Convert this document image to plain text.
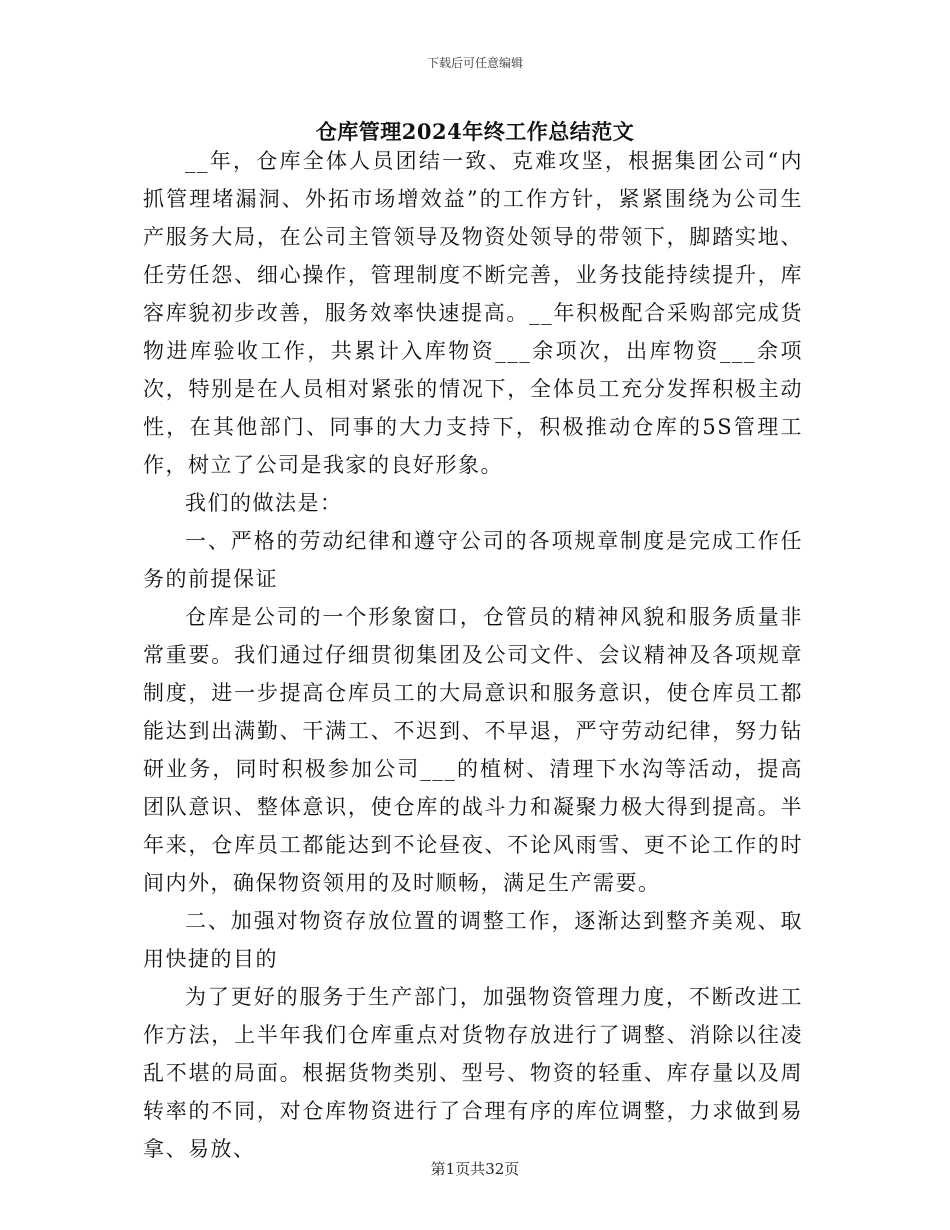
下载后可任意编辑
仓库管理2024年终工作总结范文

__年，仓库全体人员团结一致、克难攻坚，根据集团公司“内抓管理堵漏洞、外拓市场增效益”的工作方针，紧紧围绕为公司生产服务大局，在公司主管领导及物资处领导的带领下，脚踏实地、任劳任怨、细心操作，管理制度不断完善，业务技能持续提升，库容库貌初步改善，服务效率快速提高。__年积极配合采购部完成货物进库验收工作，共累计入库物资___余项次，出库物资___余项次，特别是在人员相对紧张的情况下，全体员工充分发挥积极主动性，在其他部门、同事的大力支持下，积极推动仓库的5S管理工作，树立了公司是我家的良好形象。

我们的做法是：

一、严格的劳动纪律和遵守公司的各项规章制度是完成工作任务的前提保证

仓库是公司的一个形象窗口，仓管员的精神风貌和服务质量非常重要。我们通过仔细贯彻集团及公司文件、会议精神及各项规章制度，进一步提高仓库员工的大局意识和服务意识，使仓库员工都能达到出满勤、干满工、不迟到、不早退，严守劳动纪律，努力钻研业务，同时积极参加公司___的植树、清理下水沟等活动，提高团队意识、整体意识，使仓库的战斗力和凝聚力极大得到提高。半年来，仓库员工都能达到不论昼夜、不论风雨雪、更不论工作的时间内外，确保物资领用的及时顺畅，满足生产需要。

二、加强对物资存放位置的调整工作，逐渐达到整齐美观、取用快捷的目的

为了更好的服务于生产部门，加强物资管理力度，不断改进工作方法，上半年我们仓库重点对货物存放进行了调整、消除以往凌乱不堪的局面。根据货物类别、型号、物资的轻重、库存量以及周转率的不同，对仓库物资进行了合理有序的库位调整，力求做到易拿、易放、

第1页共32页
